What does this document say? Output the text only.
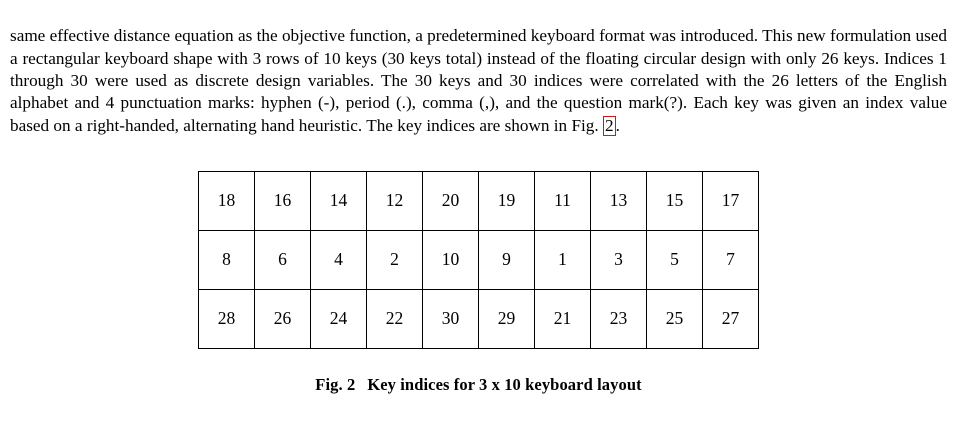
same effective distance equation as the objective function, a predetermined keyboard format was introduced. This new formulation used a rectangular keyboard shape with 3 rows of 10 keys (30 keys total) instead of the floating circular design with only 26 keys. Indices 1 through 30 were used as discrete design variables. The 30 keys and 30 indices were correlated with the 26 letters of the English alphabet and 4 punctuation marks: hyphen (-), period (.), comma (,), and the question mark(?). Each key was given an index value based on a right-handed, alternating hand heuristic. The key indices are shown in Fig. 2 .

18	16	14	12	20	19	11	13	15	17
8	6	4	2	10	9	1	3	5	7
28	26	24	22	30	29	21	23	25	27
Fig. 2 Key indices for 3 x 10 keyboard layout
